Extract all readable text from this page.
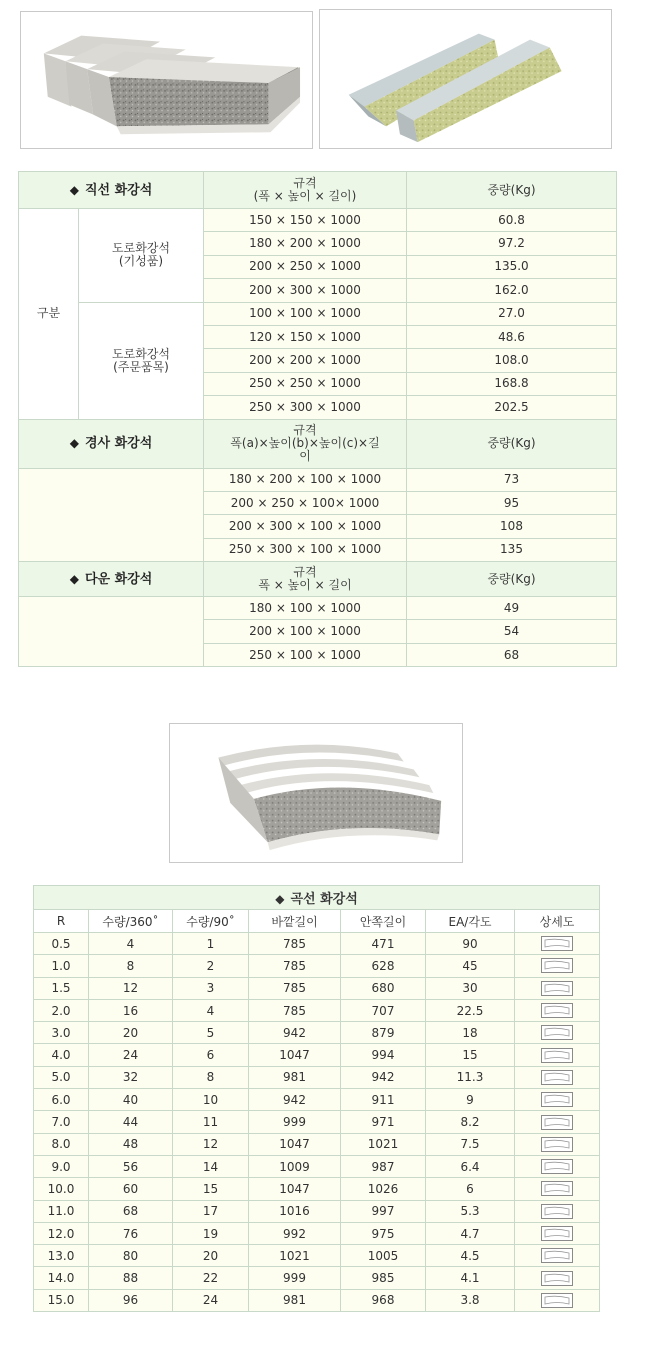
◆ 직선 화강석		규격
(폭 × 높이 × 길이)	중량(Kg)
구분	도로화강석
(기성품)	150 × 150 × 1000	60.8
		180 × 200 × 1000	97.2
		200 × 250 × 1000	135.0
		200 × 300 × 1000	162.0

	도로화강석
(주문품목)	100 × 100 × 1000	27.0
		120 × 150 × 1000	48.6
		200 × 200 × 1000	108.0
		250 × 250 × 1000	168.8
		250 × 300 × 1000	202.5
◆ 경사 화강석		규격
폭(a)×높이(b)×높이(c)×길
이	중량(Kg)
		180 × 200 × 100 × 1000	73
		200 × 250 × 100× 1000	95
		200 × 300 × 100 × 1000	108
		250 × 300 × 100 × 1000	135
◆ 다운 화강석		규격
폭 × 높이 × 길이	중량(Kg)
		180 × 100 × 1000	49
		200 × 100 × 1000	54
		250 × 100 × 1000	68
◆ 곡선 화강석						
R	수량/360˚	수량/90˚	바깥길이	안쪽길이	EA/각도	상세도
0.5	4	1	785	471	90	

1.0	8	2	785	628	45	

1.5	12	3	785	680	30	

2.0	16	4	785	707	22.5	

3.0	20	5	942	879	18	

4.0	24	6	1047	994	15	

5.0	32	8	981	942	11.3	

6.0	40	10	942	911	9	

7.0	44	11	999	971	8.2	

8.0	48	12	1047	1021	7.5	

9.0	56	14	1009	987	6.4	

10.0	60	15	1047	1026	6	

11.0	68	17	1016	997	5.3	

12.0	76	19	992	975	4.7	

13.0	80	20	1021	1005	4.5	

14.0	88	22	999	985	4.1	

15.0	96	24	981	968	3.8	
